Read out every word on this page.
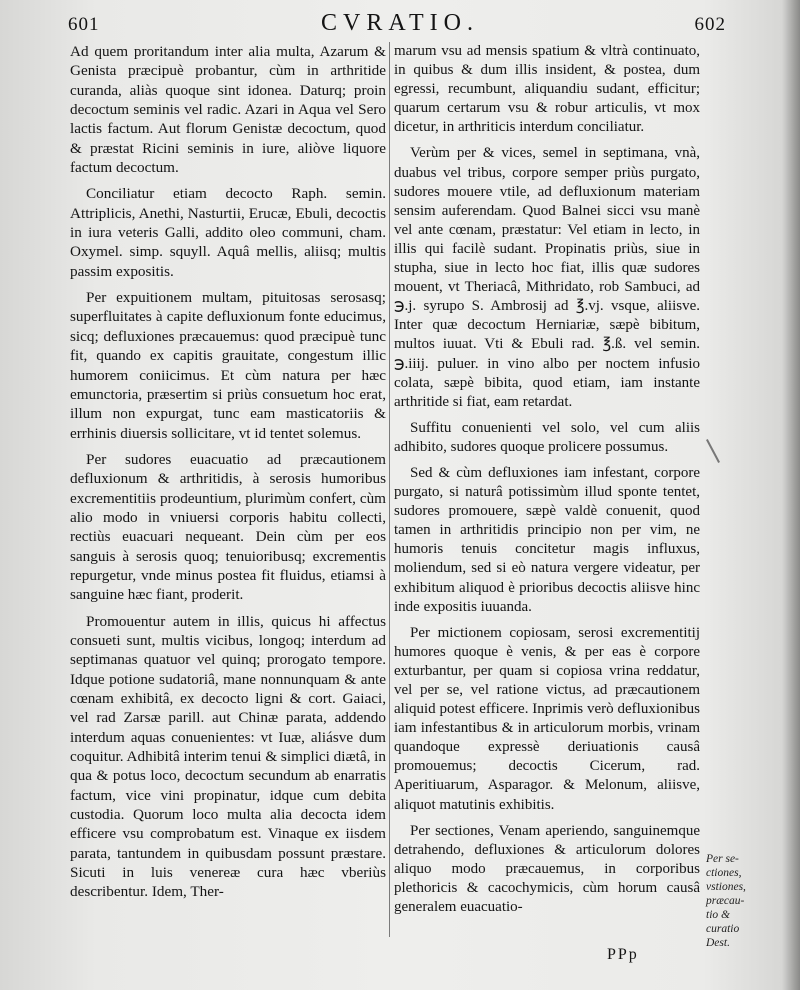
601	CVRATIO.	602

Ad quem proritandum inter alia multa, Azarum & Genista præcipuè probantur, cùm in arthritide curanda, aliàs quoque sint idonea. Daturq; proin decoctum seminis vel radic. Azari in Aqua vel Sero lactis factum. Aut florum Genistæ decoctum, quod & præstat Ricini seminis in iure, aliòve liquore factum decoctum.

Conciliatur etiam decocto Raph. semin. Attriplicis, Anethi, Nasturtii, Erucæ, Ebuli, decoctis in iura veteris Galli, addito oleo communi, cham. Oxymel. simp. squyll. Aquâ mellis, aliisq; multis passim expositis.

Per expuitionem multam, pituitosas serosasq; superfluitates à capite defluxionum fonte educimus, sicq; defluxiones præcauemus: quod præcipuè tunc fit, quando ex capitis grauitate, congestum illic humorem coniicimus. Et cùm natura per hæc emunctoria, præsertim si priùs consuetum hoc erat, illum non expurgat, tunc eam masticatoriis & errhinis diuersis sollicitare, vt id tentet solemus.

Per sudores euacuatio ad præcautionem defluxionum & arthritidis, à serosis humoribus excrementitiis prodeuntium, plurimùm confert, cùm alio modo in vniuersi corporis habitu collecti, rectiùs euacuari nequeant. Dein cùm per eos sanguis à serosis quoq; tenuioribusq; excrementis repurgetur, vnde minus postea fit fluidus, etiamsi à sanguine hæc fiant, proderit.

Promouentur autem in illis, quicus hi affectus consueti sunt, multis vicibus, longoq; interdum ad septimanas quatuor vel quinq; prorogato tempore. Idque potione sudatoriâ, mane nonnunquam & ante cœnam exhibitâ, ex decocto ligni & cort. Gaiaci, vel rad Zarsæ parill. aut Chinæ parata, addendo interdum aquas conuenientes: vt Iuæ, aliásve dum coquitur. Adhibitâ interim tenui & simplici diætâ, in qua & potus loco, decoctum secundum ab enarratis factum, vice vini propinatur, idque cum debita custodia. Quorum loco multa alia decocta idem efficere vsu comprobatum est. Vinaque ex iisdem parata, tantundem in quibusdam possunt præstare. Sicuti in luis venereæ cura hæc vberiùs describentur. Idem, Ther-

marum vsu ad mensis spatium & vltrà continuato, in quibus & dum illis insident, & postea, dum egressi, recumbunt, aliquandiu sudant, efficitur; quarum certarum vsu & robur articulis, vt mox dicetur, in arthriticis interdum conciliatur.

Verùm per & vices, semel in septimana, vnà, duabus vel tribus, corpore semper priùs purgato, sudores mouere vtile, ad defluxionum materiam sensim auferendam. Quod Balnei sicci vsu manè vel ante cœnam, præstatur: Vel etiam in lecto, in illis qui facilè sudant. Propinatis priùs, siue in stupha, siue in lecto hoc fiat, illis quæ sudores mouent, vt Theriacâ, Mithridato, rob Sambuci, ad ℈.j. syrupo S. Ambrosij ad ℥.vj. vsque, aliisve. Inter quæ decoctum Herniariæ, sæpè bibitum, multos iuuat. Vti & Ebuli rad. ℥.ß. vel semin. ℈.iiij. puluer. in vino albo per noctem infusio colata, sæpè bibita, quod etiam, iam instante arthritide si fiat, eam retardat.

Suffitu conuenienti vel solo, vel cum aliis adhibito, sudores quoque prolicere possumus.

Sed & cùm defluxiones iam infestant, corpore purgato, si naturâ potissimùm illud sponte tentet, sudores promouere, sæpè valdè conuenit, quod tamen in arthritidis principio non per vim, ne humoris tenuis concitetur magis influxus, moliendum, sed si eò natura vergere videatur, per exhibitum aliquod è prioribus decoctis aliisve hinc inde expositis iuuanda.

Per mictionem copiosam, serosi excrementitij humores quoque è venis, & per eas è corpore exturbantur, per quam si copiosa vrina reddatur, vel per se, vel ratione victus, ad præcautionem aliquid potest efficere. Inprimis verò defluxionibus iam infestantibus & in articulorum morbis, vrinam quandoque expressè deriuationis causâ promouemus; decoctis Cicerum, rad. Aperitiuarum, Asparagor. & Melonum, aliisve, aliquot matutinis exhibitis.

Per sectiones, Venam aperiendo, sanguinemque detrahendo, defluxiones & articulorum dolores aliquo modo præcauemus, in corporibus plethoricis & cacochymicis, cùm horum causâ generalem euacuatio-

Per se-
ctiones,
vstiones,
præcau-
tio &
curatio
Dest.
PPp
